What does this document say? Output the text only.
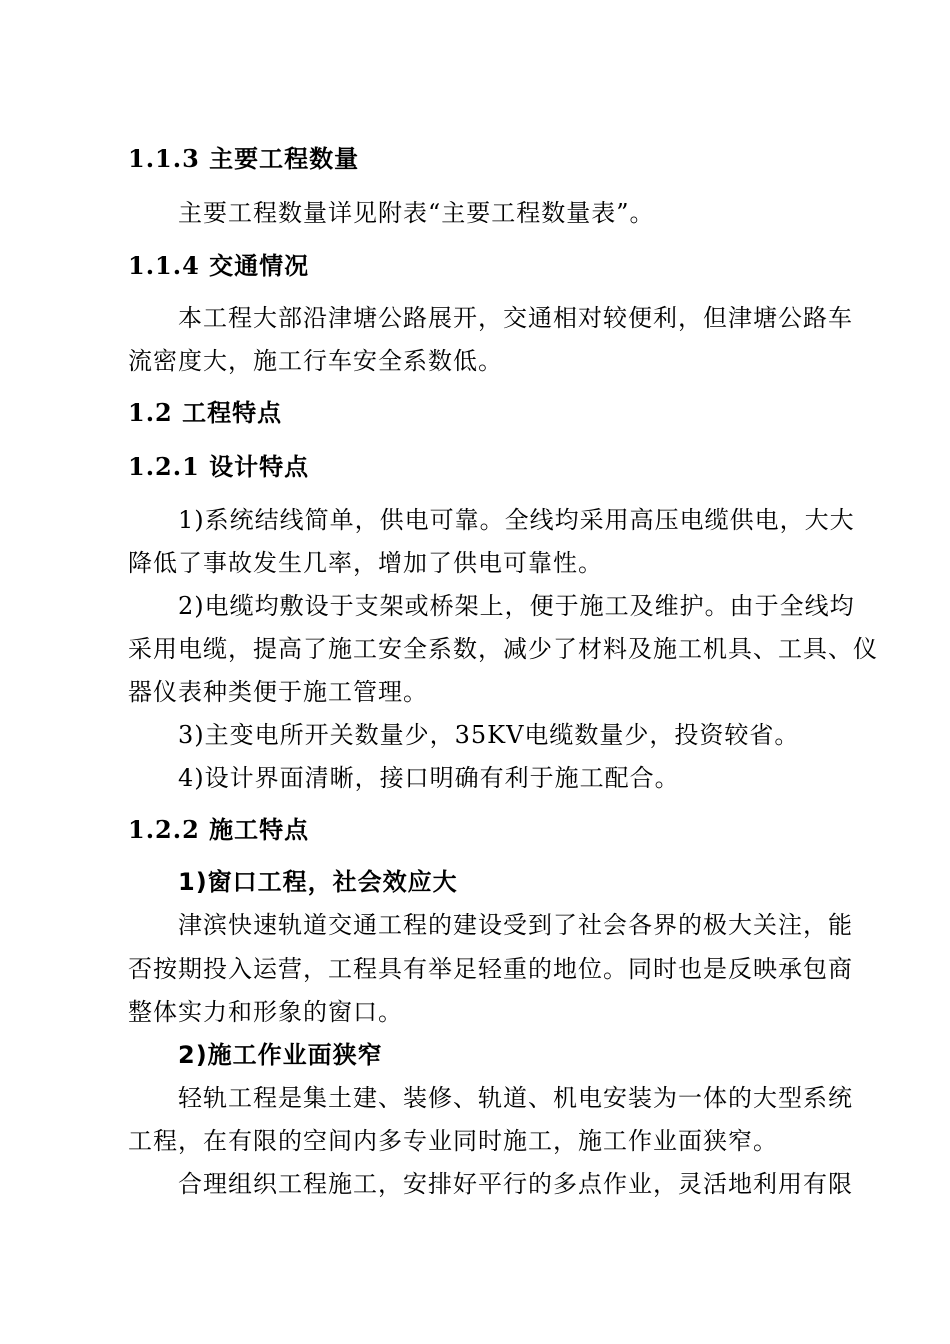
1.1.3 主要工程数量
主要工程数量详见附表“主要工程数量表”。
1.1.4 交通情况
本工程大部沿津塘公路展开，交通相对较便利，但津塘公路车
流密度大，施工行车安全系数低。
1.2 工程特点
1.2.1 设计特点
1)系统结线简单，供电可靠。全线均采用高压电缆供电，大大
降低了事故发生几率，增加了供电可靠性。
2)电缆均敷设于支架或桥架上，便于施工及维护。由于全线均
采用电缆，提高了施工安全系数，减少了材料及施工机具、工具、仪
器仪表种类便于施工管理。
3)主变电所开关数量少，35KV电缆数量少，投资较省。
4)设计界面清晰，接口明确有利于施工配合。
1.2.2 施工特点
1)窗口工程，社会效应大
津滨快速轨道交通工程的建设受到了社会各界的极大关注，能
否按期投入运营，工程具有举足轻重的地位。同时也是反映承包商
整体实力和形象的窗口。
2)施工作业面狭窄
轻轨工程是集土建、装修、轨道、机电安装为一体的大型系统
工程，在有限的空间内多专业同时施工，施工作业面狭窄。
合理组织工程施工，安排好平行的多点作业，灵活地利用有限
